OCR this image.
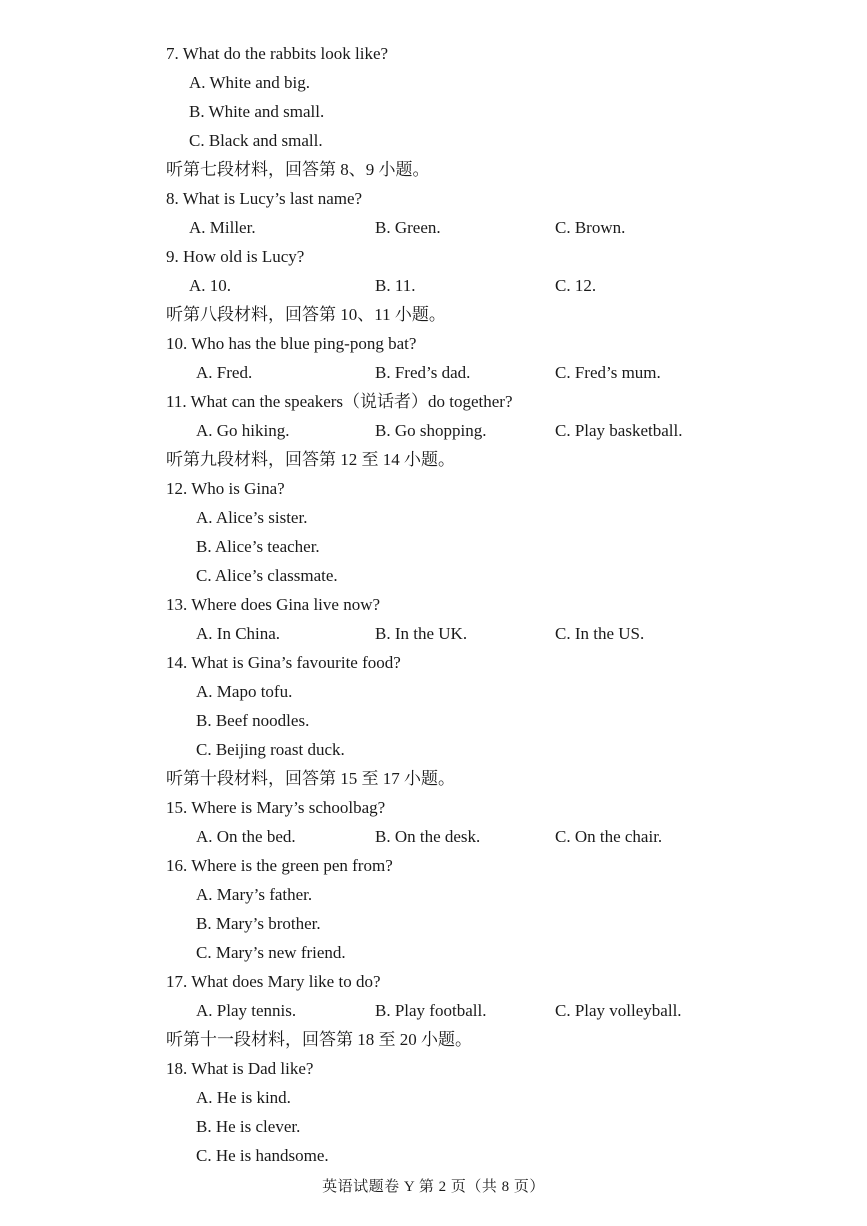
7. What do the rabbits look like?
A. White and big.
B. White and small.
C. Black and small.
听第七段材料，回答第 8、9 小题。
8. What is Lucy’s last name?
A. Miller.	B. Green.	C. Brown.
9. How old is Lucy?
A. 10.	B. 11.	C. 12.
听第八段材料，回答第 10、11 小题。
10. Who has the blue ping-pong bat?
A. Fred.	B. Fred’s dad.	C. Fred’s mum.
11. What can the speakers（说话者）do together?
A. Go hiking.	B. Go shopping.	C. Play basketball.
听第九段材料，回答第 12 至 14 小题。
12. Who is Gina?
A. Alice’s sister.
B. Alice’s teacher.
C. Alice’s classmate.
13. Where does Gina live now?
A. In China.	B. In the UK.	C. In the US.
14. What is Gina’s favourite food?
A. Mapo tofu.
B. Beef noodles.
C. Beijing roast duck.
听第十段材料，回答第 15 至 17 小题。
15. Where is Mary’s schoolbag?
A. On the bed.	B. On the desk.	C. On the chair.
16. Where is the green pen from?
A. Mary’s father.
B. Mary’s brother.
C. Mary’s new friend.
17. What does Mary like to do?
A. Play tennis.	B. Play football.	C. Play volleyball.
听第十一段材料，回答第 18 至 20 小题。
18. What is Dad like?
A. He is kind.
B. He is clever.
C. He is handsome.
英语试题卷 Y 第 2 页（共 8 页）
